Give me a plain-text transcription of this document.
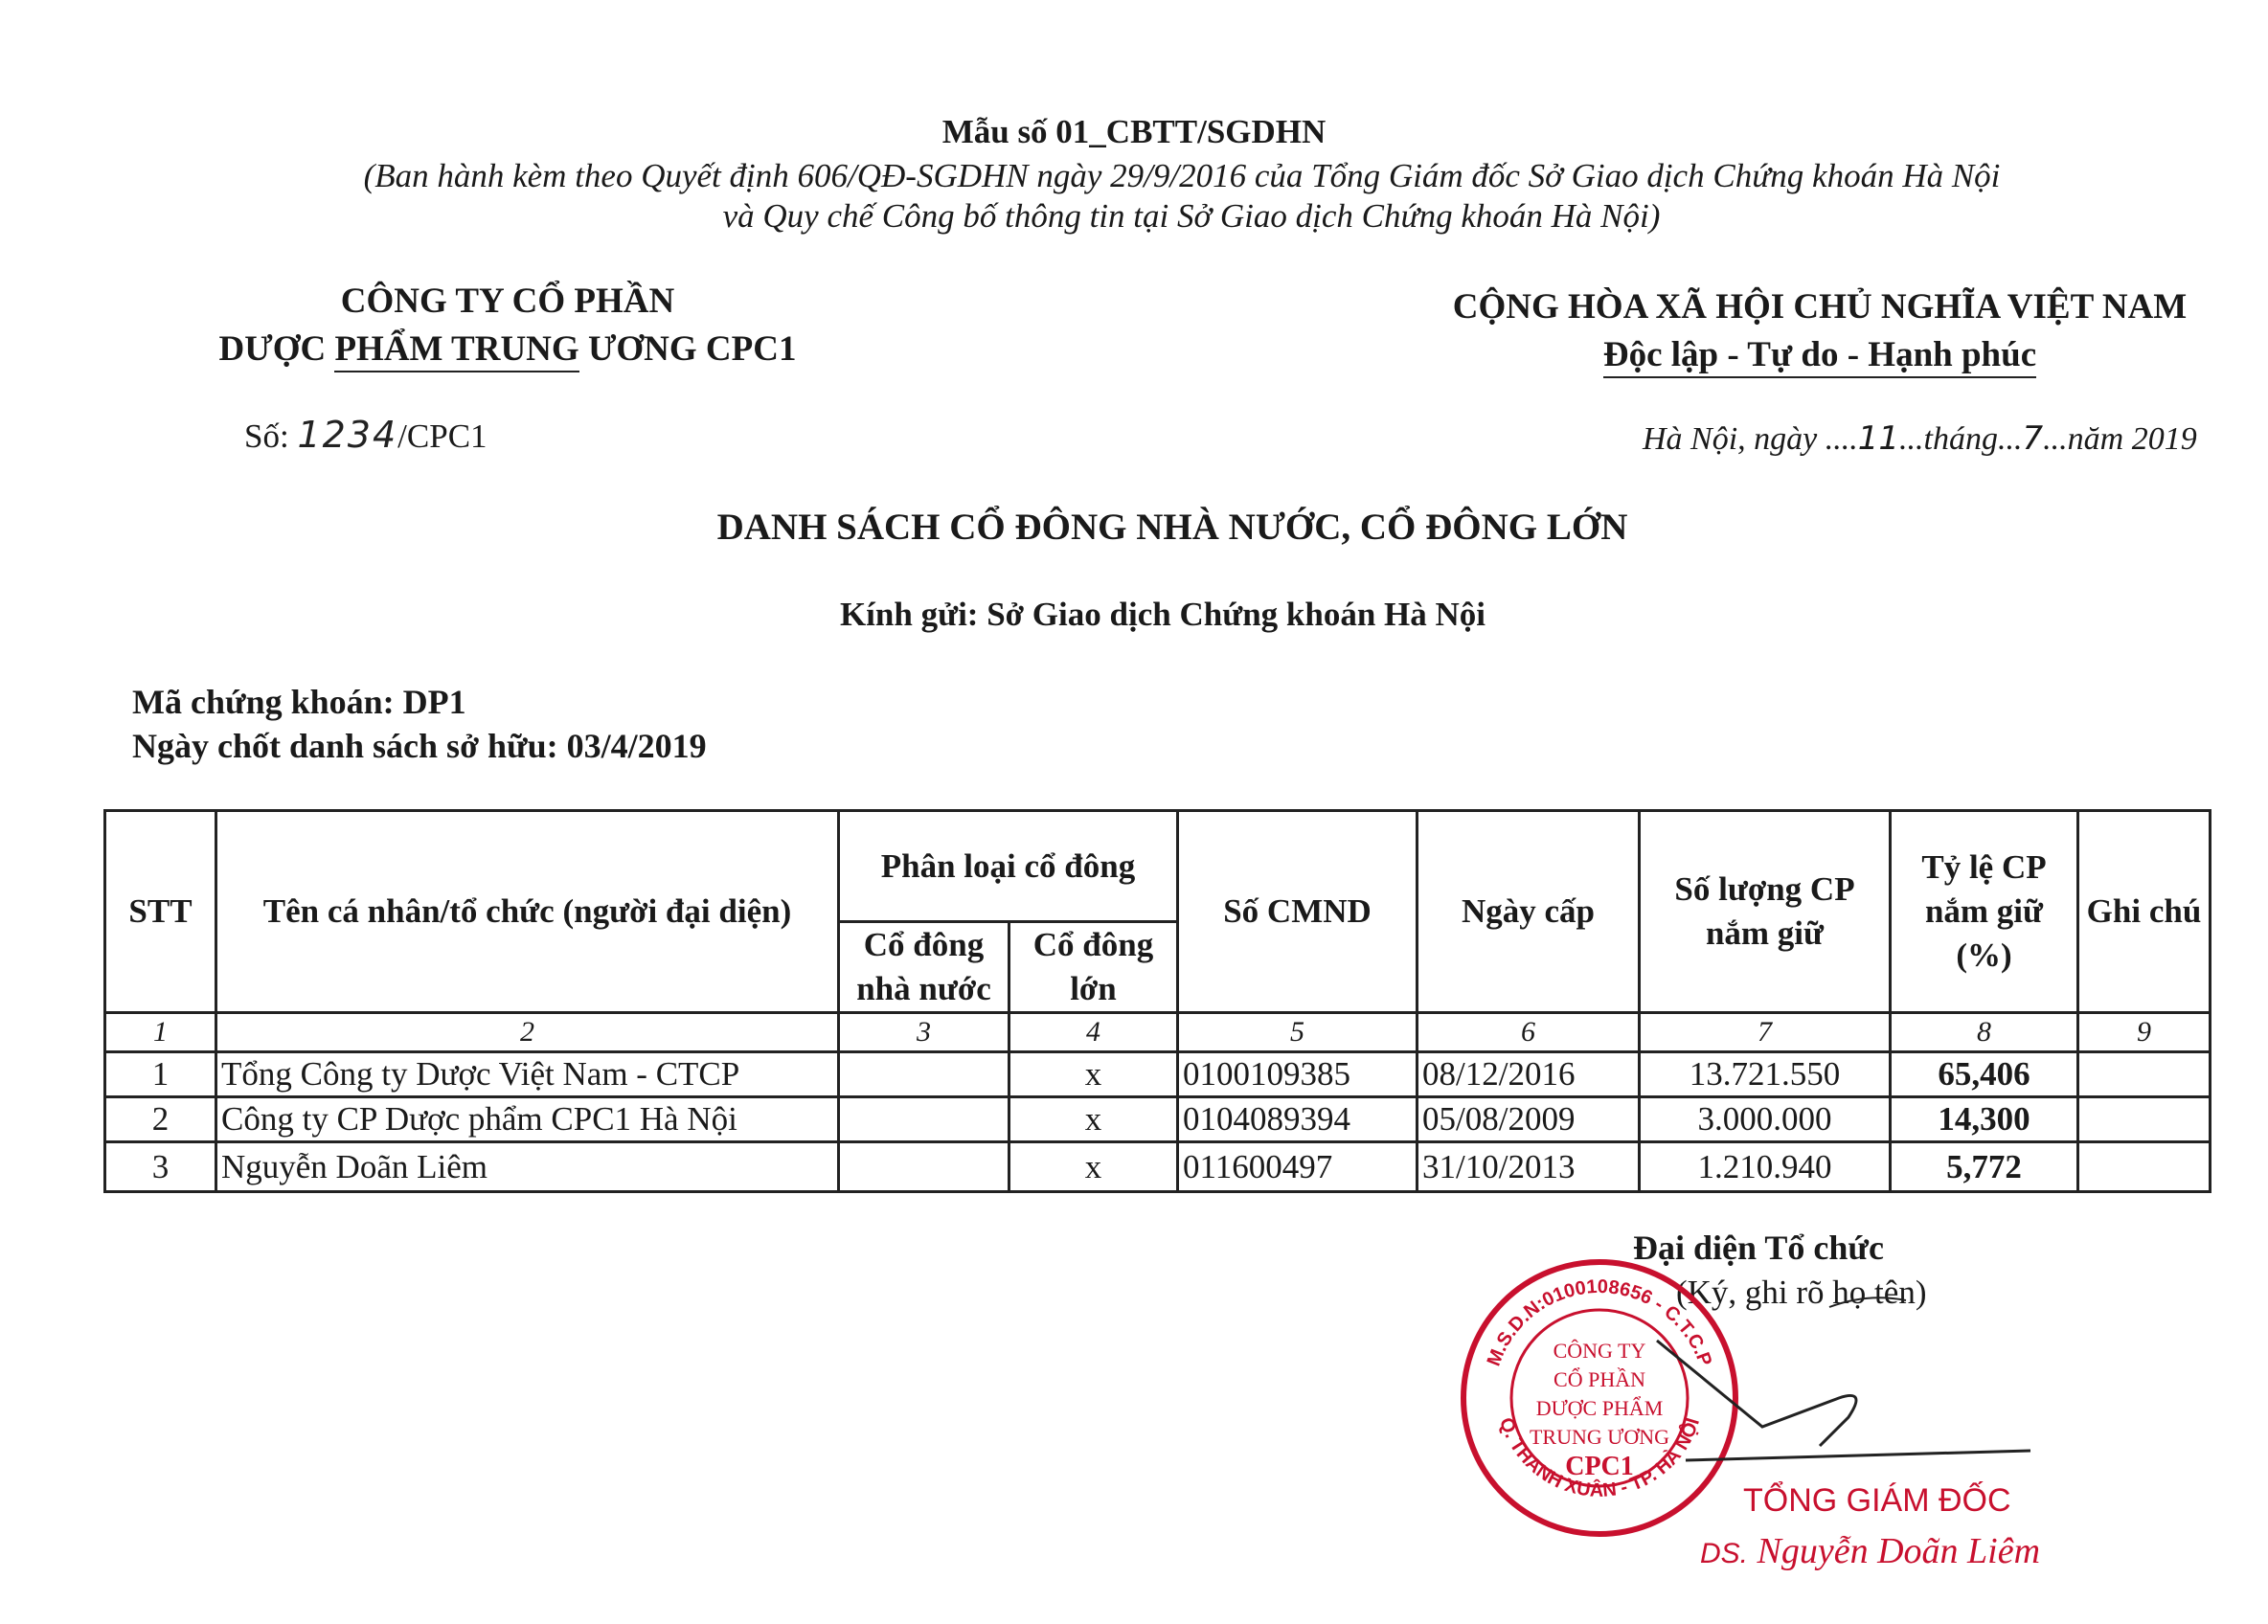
Mẫu số 01_CBTT/SGDHN
(Ban hành kèm theo Quyết định 606/QĐ-SGDHN ngày 29/9/2016 của Tổng Giám đốc Sở Giao dịch Chứng khoán Hà Nội
và Quy chế Công bố thông tin tại Sở Giao dịch Chứng khoán Hà Nội)
CÔNG TY CỔ PHẦN
DƯỢC PHẨM TRUNG ƯƠNG CPC1
CỘNG HÒA XÃ HỘI CHỦ NGHĨA VIỆT NAM
Độc lập - Tự do - Hạnh phúc
Số: 1234/CPC1	Hà Nội, ngày ....11...tháng...7...năm 2019
DANH SÁCH CỔ ĐÔNG NHÀ NƯỚC, CỔ ĐÔNG LỚN
Kính gửi: Sở Giao dịch Chứng khoán Hà Nội
Mã chứng khoán: DP1
Ngày chốt danh sách sở hữu: 03/4/2019
STT	Tên cá nhân/tổ chức (người đại diện)	Phân loại cổ đông		Số CMND	Ngày cấp	Số lượng CP nắm giữ	Tỷ lệ CP nắm giữ (%)	Ghi chú
		Cổ đông nhà nước	Cổ đông lớn					
1	2	3	4	5	6	7	8	9
1	Tổng Công ty Dược Việt Nam - CTCP		x	0100109385	08/12/2016	13.721.550	65,406	
2	Công ty CP Dược phẩm CPC1 Hà Nội		x	0104089394	05/08/2009	3.000.000	14,300	
3	Nguyễn Doãn Liêm		x	011600497	31/10/2013	1.210.940	5,772	
Đại diện Tổ chức
(Ký, ghi rõ họ tên)
M.S.D.N:0100108656 - C.T.C.P
Q. THANH XUÂN - TP. HÀ NỘI
CÔNG TY
CỔ PHẦN
DƯỢC PHẨM
TRUNG ƯƠNG
CPC1
TỔNG GIÁM ĐỐC
DS. Nguyễn Doãn Liêm
